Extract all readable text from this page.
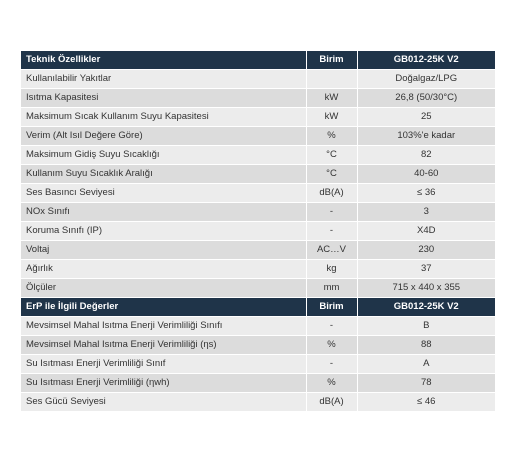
Teknik Özellikler	Birim	GB012-25K V2
Kullanılabilir Yakıtlar		Doğalgaz/LPG
Isıtma Kapasitesi	kW	26,8 (50/30°C)
Maksimum Sıcak Kullanım Suyu Kapasitesi	kW	25
Verim (Alt Isıl Değere Göre)	%	103%'e kadar
Maksimum Gidiş Suyu Sıcaklığı	°C	82
Kullanım Suyu Sıcaklık Aralığı	°C	40-60
Ses Basıncı Seviyesi	dB(A)	≤ 36
NOx Sınıfı	-	3
Koruma Sınıfı (IP)	-	X4D
Voltaj	AC…V	230
Ağırlık	kg	37
Ölçüler	mm	715 x 440 x 355
ErP ile İlgili Değerler	Birim	GB012-25K V2
Mevsimsel Mahal Isıtma Enerji Verimliliği Sınıfı	-	B
Mevsimsel Mahal Isıtma Enerji Verimliliği (ηs)	%	88
Su Isıtması Enerji Verimliliği Sınıf	-	A
Su Isıtması Enerji Verimliliği (ηwh)	%	78
Ses Gücü Seviyesi	dB(A)	≤ 46
